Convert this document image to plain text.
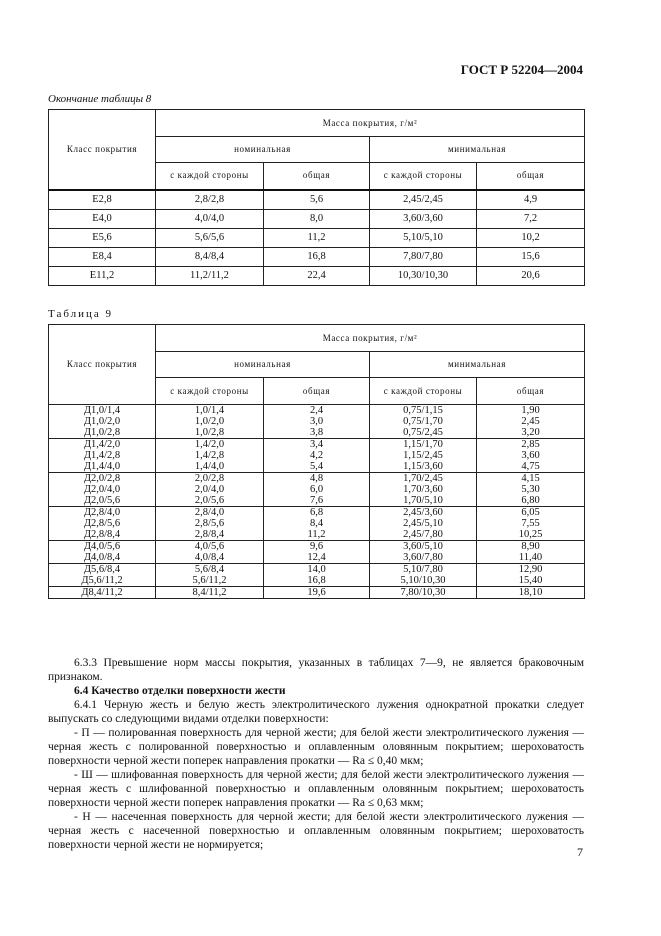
ГОСТ Р 52204—2004
Окончание таблицы 8
Класс покрытия	Масса покрытия, г/м²			
	номинальная		минимальная	
	с каждой стороны	общая	с каждой стороны	общая
Е2,8	2,8/2,8	5,6	2,45/2,45	4,9
Е4,0	4,0/4,0	8,0	3,60/3,60	7,2
Е5,6	5,6/5,6	11,2	5,10/5,10	10,2
Е8,4	8,4/8,4	16,8	7,80/7,80	15,6
Е11,2	11,2/11,2	22,4	10,30/10,30	20,6
Таблица 9
Класс покрытия	Масса покрытия, г/м²			
	номинальная		минимальная	
	с каждой стороны	общая	с каждой стороны	общая
Д1,0/1,4	1,0/1,4	2,4	0,75/1,15	1,90
Д1,0/2,0	1,0/2,0	3,0	0,75/1,70	2,45
Д1,0/2,8	1,0/2,8	3,8	0,75/2,45	3,20
Д1,4/2,0	1,4/2,0	3,4	1,15/1,70	2,85
Д1,4/2,8	1,4/2,8	4,2	1,15/2,45	3,60
Д1,4/4,0	1,4/4,0	5,4	1,15/3,60	4,75
Д2,0/2,8	2,0/2,8	4,8	1,70/2,45	4,15
Д2,0/4,0	2,0/4,0	6,0	1,70/3,60	5,30
Д2,0/5,6	2,0/5,6	7,6	1,70/5,10	6,80
Д2,8/4,0	2,8/4,0	6,8	2,45/3,60	6,05
Д2,8/5,6	2,8/5,6	8,4	2,45/5,10	7,55
Д2,8/8,4	2,8/8,4	11,2	2,45/7,80	10,25
Д4,0/5,6	4,0/5,6	9,6	3,60/5,10	8,90
Д4,0/8,4	4,0/8,4	12,4	3,60/7,80	11,40
Д5,6/8,4	5,6/8,4	14,0	5,10/7,80	12,90
Д5,6/11,2	5,6/11,2	16,8	5,10/10,30	15,40
Д8,4/11,2	8,4/11,2	19,6	7,80/10,30	18,10

6.3.3 Превышение норм массы покрытия, указанных в таблицах 7—9, не является браковочным признаком.

6.4 Качество отделки поверхности жести

6.4.1 Черную жесть и белую жесть электролитического лужения однократной прокатки следует выпускать со следующими видами отделки поверхности:

- П — полированная поверхность для черной жести; для белой жести электролитического лужения — черная жесть с полированной поверхностью и оплавленным оловянным покрытием; шероховатость поверхности черной жести поперек направления прокатки — Ra ≤ 0,40 мкм;

- Ш — шлифованная поверхность для черной жести; для белой жести электролитического лужения — черная жесть с шлифованной поверхностью и оплавленным оловянным покрытием; шероховатость поверхности черной жести поперек направления прокатки — Ra ≤ 0,63 мкм;

- Н — насеченная поверхность для черной жести; для белой жести электролитического лужения — черная жесть с насеченной поверхностью и оплавленным оловянным покрытием; шероховатость поверхности черной жести не нормируется;	7
